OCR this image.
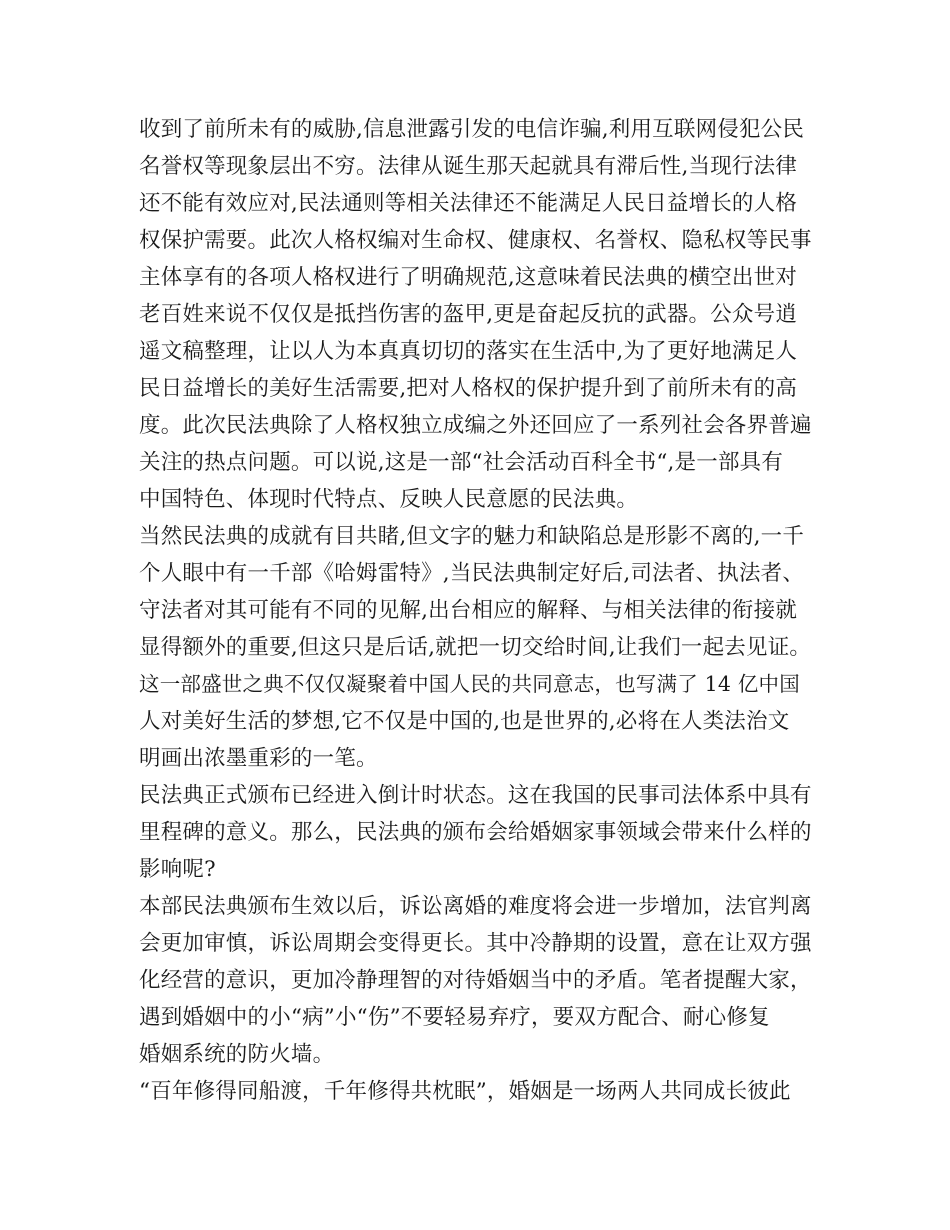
收到了前所未有的威胁,信息泄露引发的电信诈骗,利用互联网侵犯公民
名誉权等现象层出不穷。法律从诞生那天起就具有滞后性,当现行法律
还不能有效应对,民法通则等相关法律还不能满足人民日益增长的人格
权保护需要。此次人格权编对生命权、健康权、名誉权、隐私权等民事
主体享有的各项人格权进行了明确规范,这意味着民法典的横空出世对
老百姓来说不仅仅是抵挡伤害的盔甲,更是奋起反抗的武器。公众号逍
遥文稿整理，让以人为本真真切切的落实在生活中,为了更好地满足人
民日益增长的美好生活需要,把对人格权的保护提升到了前所未有的高
度。此次民法典除了人格权独立成编之外还回应了一系列社会各界普遍
关注的热点问题。可以说,这是一部“社会活动百科全书“,是一部具有
中国特色、体现时代特点、反映人民意愿的民法典。
当然民法典的成就有目共睹,但文字的魅力和缺陷总是形影不离的,一千
个人眼中有一千部《哈姆雷特》,当民法典制定好后,司法者、执法者、
守法者对其可能有不同的见解,出台相应的解释、与相关法律的衔接就
显得额外的重要,但这只是后话,就把一切交给时间,让我们一起去见证。
这一部盛世之典不仅仅凝聚着中国人民的共同意志，也写满了 14 亿中国
人对美好生活的梦想,它不仅是中国的,也是世界的,必将在人类法治文
明画出浓墨重彩的一笔。
民法典正式颁布已经进入倒计时状态。这在我国的民事司法体系中具有
里程碑的意义。那么，民法典的颁布会给婚姻家事领域会带来什么样的
影响呢?
本部民法典颁布生效以后，诉讼离婚的难度将会进一步增加，法官判离
会更加审慎，诉讼周期会变得更长。其中冷静期的设置，意在让双方强
化经营的意识，更加冷静理智的对待婚姻当中的矛盾。笔者提醒大家，
遇到婚姻中的小“病”小“伤”不要轻易弃疗，要双方配合、耐心修复
婚姻系统的防火墙。
“百年修得同船渡，千年修得共枕眠”，婚姻是一场两人共同成长彼此
